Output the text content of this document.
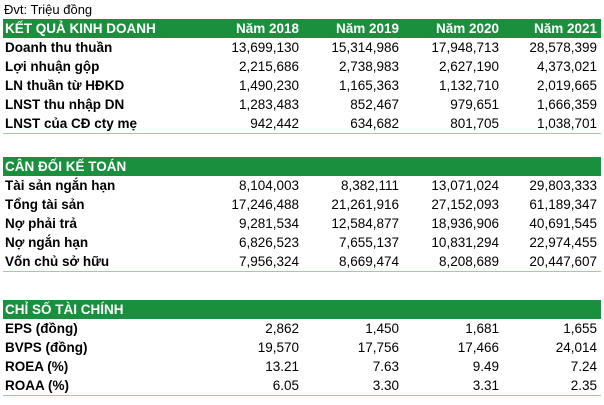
Đvt: Triệu đồng
KẾT QUẢ KINH DOANH	Năm 2018	Năm 2019	Năm 2020	Năm 2021
Doanh thu thuần	13,699,130	15,314,986	17,948,713	28,578,399
Lợi nhuận gộp	2,215,686	2,738,983	2,627,190	4,373,021
LN thuần từ HĐKD	1,490,230	1,165,363	1,132,710	2,019,665
LNST thu nhập DN	1,283,483	852,467	979,651	1,666,359
LNST của CĐ cty mẹ	942,442	634,682	801,705	1,038,701
CÂN ĐỐI KẾ TOÁN				
Tài sản ngắn hạn	8,104,003	8,382,111	13,071,024	29,803,333
Tổng tài sản	17,246,488	21,261,916	27,152,093	61,189,347
Nợ phải trả	9,281,534	12,584,877	18,936,906	40,691,545
Nợ ngắn hạn	6,826,523	7,655,137	10,831,294	22,974,455
Vốn chủ sở hữu	7,956,324	8,669,474	8,208,689	20,447,607
CHỈ SỐ TÀI CHÍNH				
EPS (đồng)	2,862	1,450	1,681	1,655
BVPS (đồng)	19,570	17,756	17,466	24,014
ROEA (%)	13.21	7.63	9.49	7.24
ROAA (%)	6.05	3.30	3.31	2.35
